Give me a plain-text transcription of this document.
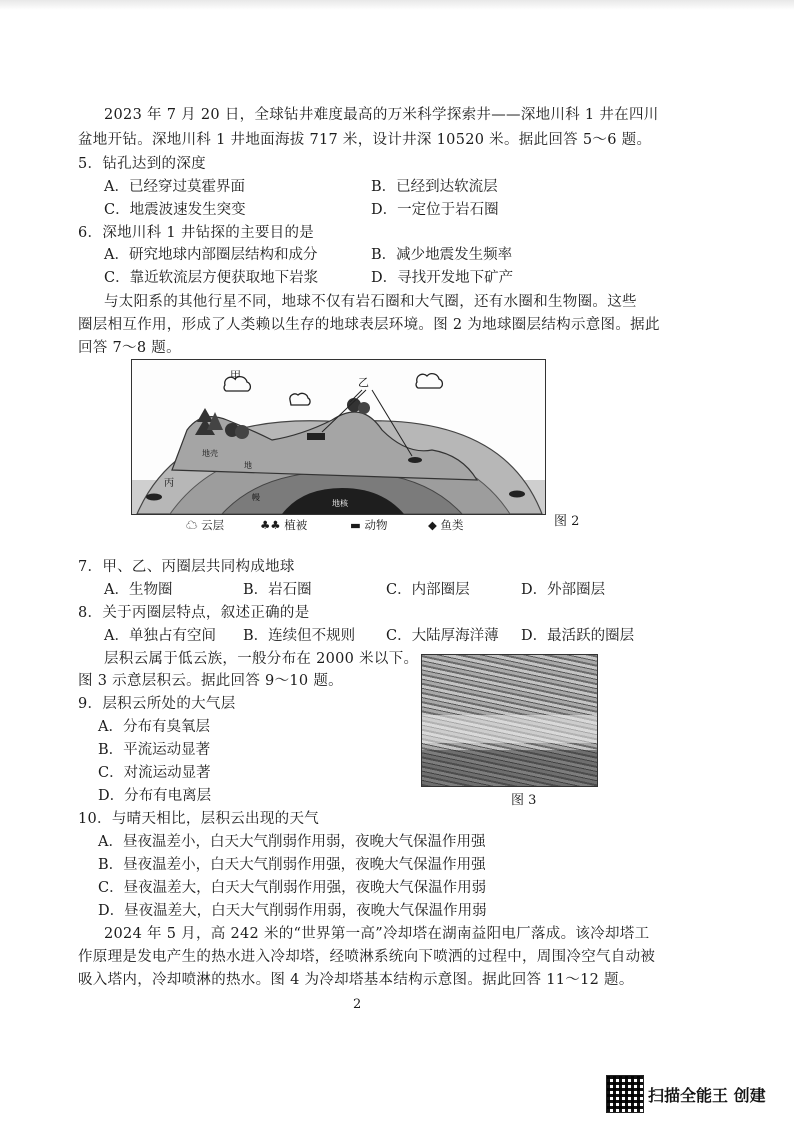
2023 年 7 月 20 日，全球钻井难度最高的万米科学探索井——深地川科 1 井在四川
盆地开钻。深地川科 1 井地面海拔 717 米，设计井深 10520 米。据此回答 5～6 题。
5．钻孔达到的深度
A．已经穿过莫霍界面	B．已经到达软流层
C．地震波速发生突变	D．一定位于岩石圈
6．深地川科 1 井钻探的主要目的是
A．研究地球内部圈层结构和成分	B．减少地震发生频率
C．靠近软流层方便获取地下岩浆	D．寻找开发地下矿产
与太阳系的其他行星不同，地球不仅有岩石圈和大气圈，还有水圈和生物圈。这些
圈层相互作用，形成了人类赖以生存的地球表层环境。图 2 为地球圈层结构示意图。据此
回答 7～8 题。
甲
乙
丙
地壳
地
幔
地核
图 2
☁ 云层	♣♣ 植被	▬ 动物	◆ 鱼类
7．甲、乙、丙圈层共同构成地球
A．生物圈	B．岩石圈	C．内部圈层	D．外部圈层
8．关于丙圈层特点，叙述正确的是
A．单独占有空间 B．连续但不规则 C．大陆厚海洋薄 D．最活跃的圈层
层积云属于低云族，一般分布在 2000 米以下。
图 3 示意层积云。据此回答 9～10 题。
图 3
9．层积云所处的大气层
A．分布有臭氧层
B．平流运动显著
C．对流运动显著
D．分布有电离层
10．与晴天相比，层积云出现的天气
A．昼夜温差小，白天大气削弱作用弱，夜晚大气保温作用强
B．昼夜温差小，白天大气削弱作用强，夜晚大气保温作用强
C．昼夜温差大，白天大气削弱作用强，夜晚大气保温作用弱
D．昼夜温差大，白天大气削弱作用弱，夜晚大气保温作用弱
2024 年 5 月，高 242 米的“世界第一高”冷却塔在湖南益阳电厂落成。该冷却塔工
作原理是发电产生的热水进入冷却塔，经喷淋系统向下喷洒的过程中，周围冷空气自动被
吸入塔内，冷却喷淋的热水。图 4 为冷却塔基本结构示意图。据此回答 11～12 题。
2
扫描全能王 创建
